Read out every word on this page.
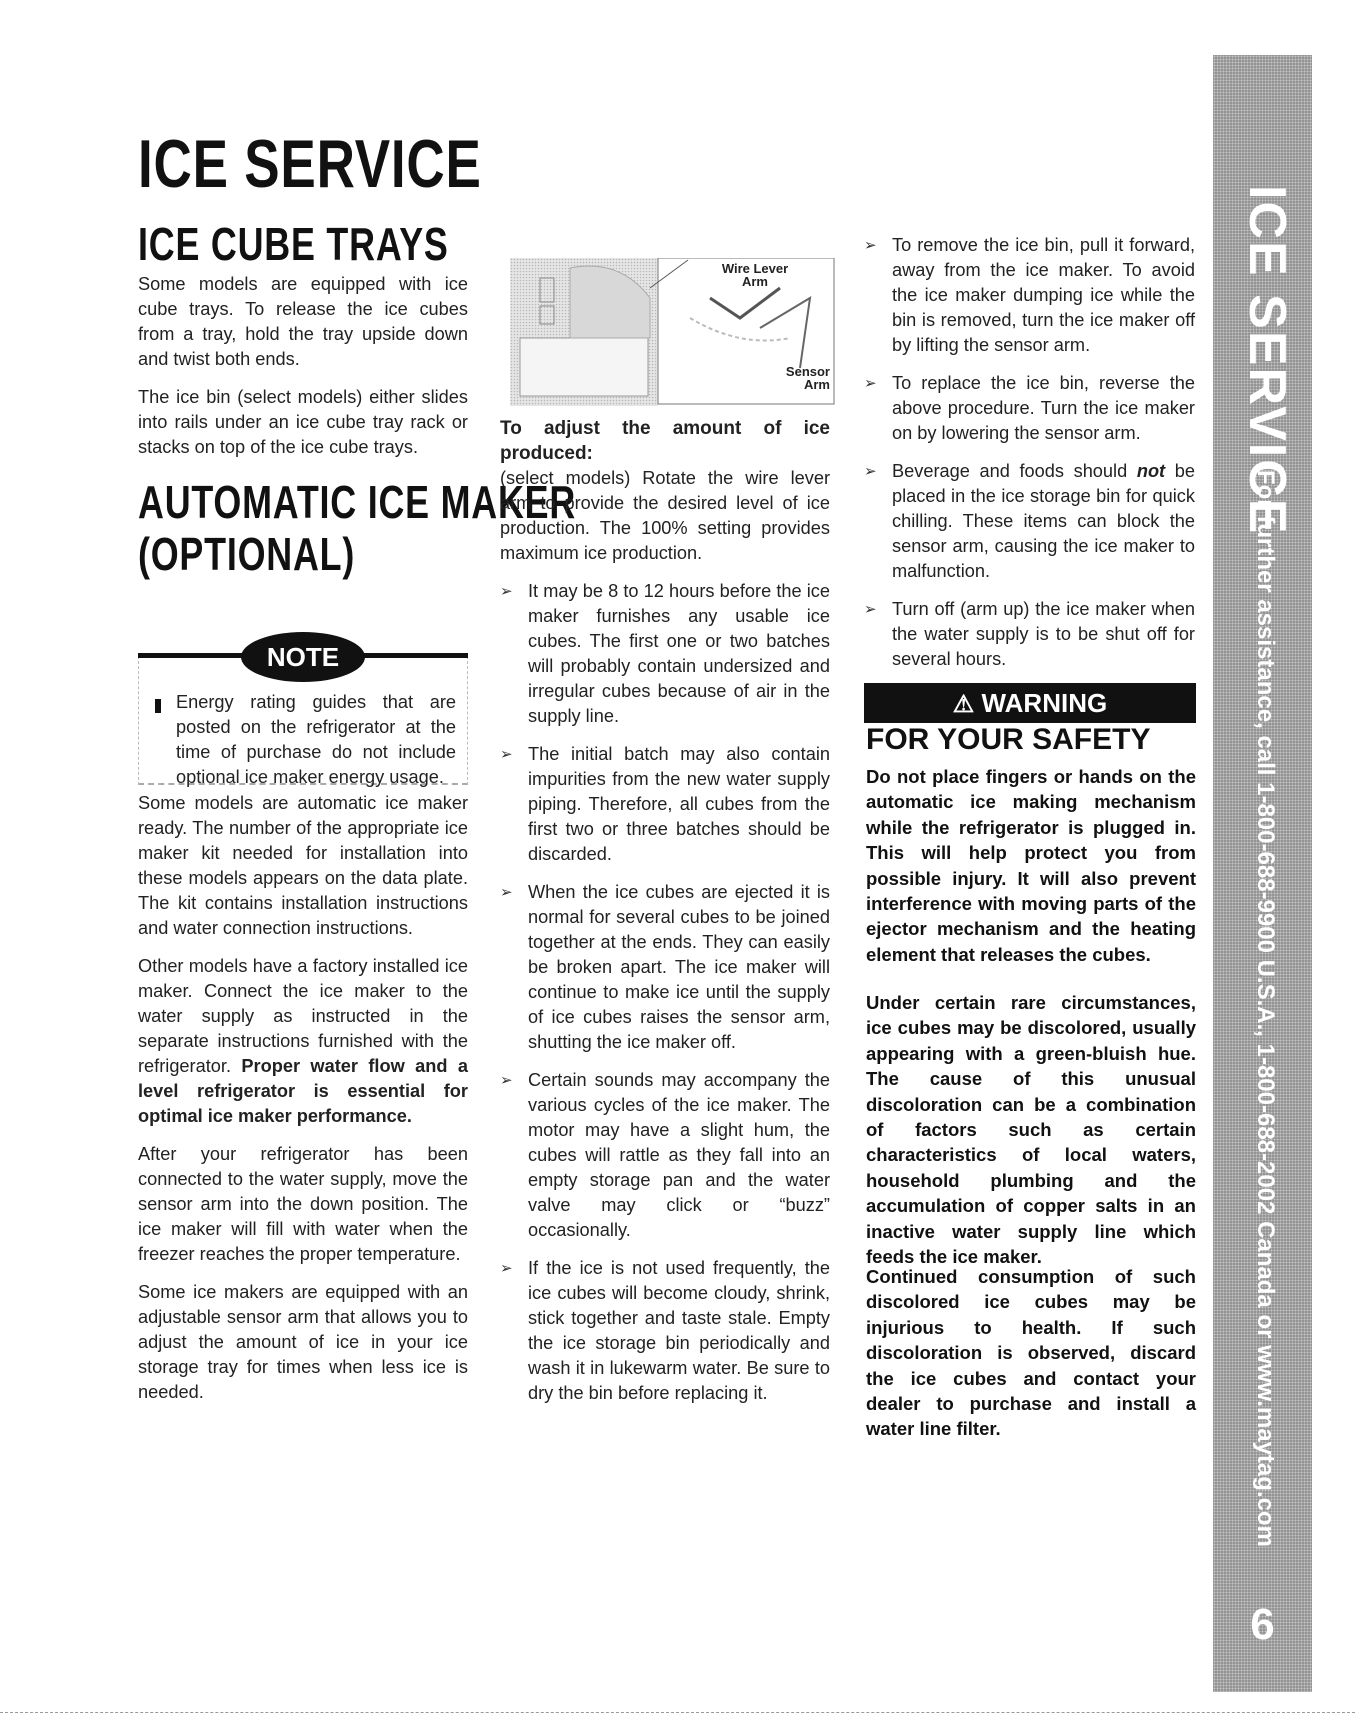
ICE SERVICE
ICE CUBE TRAYS

Some models are equipped with ice cube trays. To release the ice cubes from a tray, hold the tray upside down and twist both ends.

The ice bin (select models) either slides into rails under an ice cube tray rack or stacks on top of the ice cube trays.

AUTOMATIC ICE MAKER
(OPTIONAL)
NOTE
Energy rating guides that are posted on the refrigerator at the time of purchase do not include optional ice maker energy usage.

Some models are automatic ice maker ready. The number of the appropriate ice maker kit needed for installation into these models appears on the data plate. The kit contains installation instructions and water connection instructions.

Other models have a factory installed ice maker. Connect the ice maker to the water supply as instructed in the separate instructions furnished with the refrigerator. Proper water flow and a level refrigerator is essential for optimal ice maker performance.

After your refrigerator has been connected to the water supply, move the sensor arm into the down position. The ice maker will fill with water when the freezer reaches the proper temperature.

Some ice makers are equipped with an adjustable sensor arm that allows you to adjust the amount of ice in your ice storage tray for times when less ice is needed.

Wire Lever
Arm
Sensor
Arm

To adjust the amount of ice produced:

(select models) Rotate the wire lever arm to provide the desired level of ice production. The 100% setting provides maximum ice production.

➢ It may be 8 to 12 hours before the ice maker furnishes any usable ice cubes. The first one or two batches will probably contain undersized and irregular cubes because of air in the supply line.
➢ The initial batch may also contain impurities from the new water supply piping. Therefore, all cubes from the first two or three batches should be discarded.
➢ When the ice cubes are ejected it is normal for several cubes to be joined together at the ends. They can easily be broken apart. The ice maker will continue to make ice until the supply of ice cubes raises the sensor arm, shutting the ice maker off.
➢ Certain sounds may accompany the various cycles of the ice maker. The motor may have a slight hum, the cubes will rattle as they fall into an empty storage pan and the water valve may click or “buzz” occasionally.
➢ If the ice is not used frequently, the ice cubes will become cloudy, shrink, stick together and taste stale. Empty the ice storage bin periodically and wash it in lukewarm water. Be sure to dry the bin before replacing it.
➢ To remove the ice bin, pull it forward, away from the ice maker. To avoid the ice maker dumping ice while the bin is removed, turn the ice maker off by lifting the sensor arm.
➢ To replace the ice bin, reverse the above procedure. Turn the ice maker on by lowering the sensor arm.
➢ Beverage and foods should not be placed in the ice storage bin for quick chilling. These items can block the sensor arm, causing the ice maker to malfunction.
➢ Turn off (arm up) the ice maker when the water supply is to be shut off for several hours.
⚠ WARNING
FOR YOUR SAFETY
Do not place fingers or hands on the automatic ice making mechanism while the refrigerator is plugged in. This will help protect you from possible injury. It will also prevent interference with moving parts of the ejector mechanism and the heating element that releases the cubes.
Under certain rare circumstances, ice cubes may be discolored, usually appearing with a green-bluish hue. The cause of this unusual discoloration can be a combination of factors such as certain characteristics of local waters, household plumbing and the accumulation of copper salts in an inactive water supply line which feeds the ice maker.
Continued consumption of such discolored ice cubes may be injurious to health. If such discoloration is observed, discard the ice cubes and contact your dealer to purchase and install a water line filter.
ICE SERVICE
For further assistance, call 1-800-688-9900 U.S.A., 1-800-688-2002 Canada or www.maytag.com
6
